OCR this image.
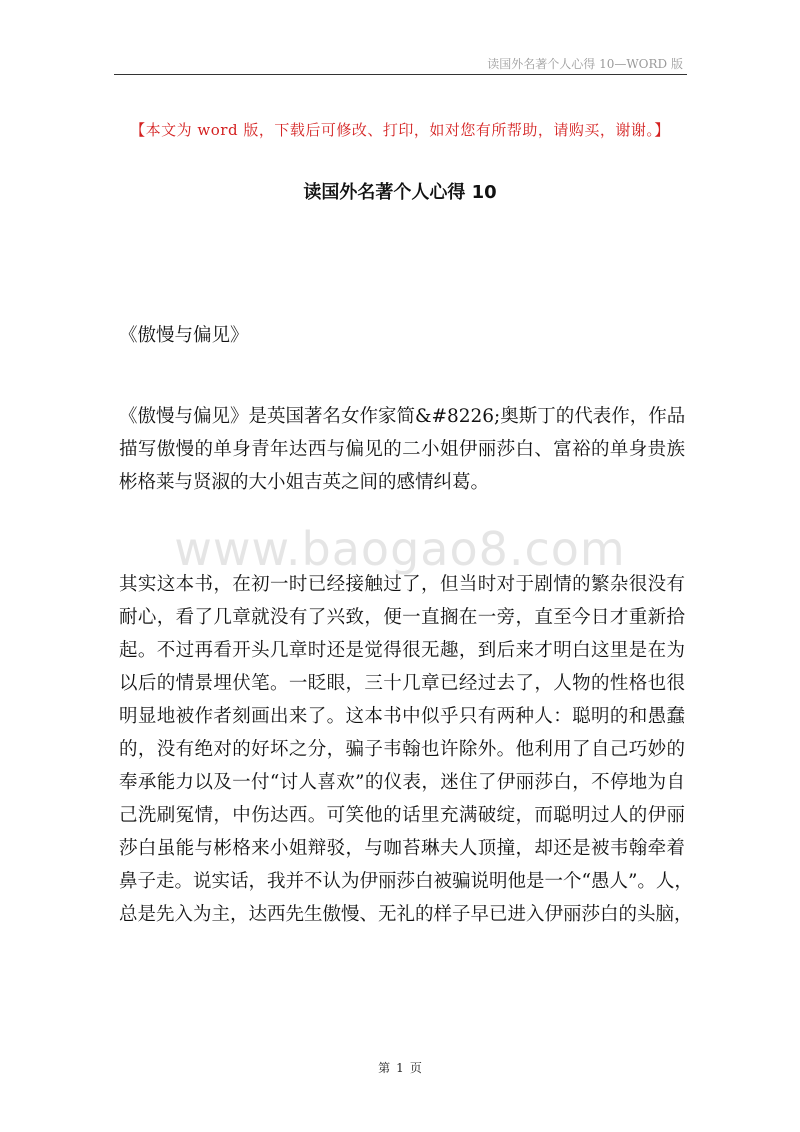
读国外名著个人心得 10—WORD 版
【本文为 word 版，下载后可修改、打印，如对您有所帮助，请购买，谢谢。】
读国外名著个人心得 10
《傲慢与偏见》
《傲慢与偏见》是英国著名女作家简&#8226;奥斯丁的代表作，作品
描写傲慢的单身青年达西与偏见的二小姐伊丽莎白、富裕的单身贵族
彬格莱与贤淑的大小姐吉英之间的感情纠葛。
www.baogao8.com
其实这本书，在初一时已经接触过了，但当时对于剧情的繁杂很没有
耐心，看了几章就没有了兴致，便一直搁在一旁，直至今日才重新拾
起。不过再看开头几章时还是觉得很无趣，到后来才明白这里是在为
以后的情景埋伏笔。一眨眼，三十几章已经过去了，人物的性格也很
明显地被作者刻画出来了。这本书中似乎只有两种人：聪明的和愚蠢
的，没有绝对的好坏之分，骗子韦翰也许除外。他利用了自己巧妙的
奉承能力以及一付“讨人喜欢”的仪表，迷住了伊丽莎白，不停地为自
己洗刷冤情，中伤达西。可笑他的话里充满破绽，而聪明过人的伊丽
莎白虽能与彬格来小姐辩驳，与咖苔琳夫人顶撞，却还是被韦翰牵着
鼻子走。说实话，我并不认为伊丽莎白被骗说明他是一个“愚人”。人，
总是先入为主，达西先生傲慢、无礼的样子早已进入伊丽莎白的头脑，
第 1 页
